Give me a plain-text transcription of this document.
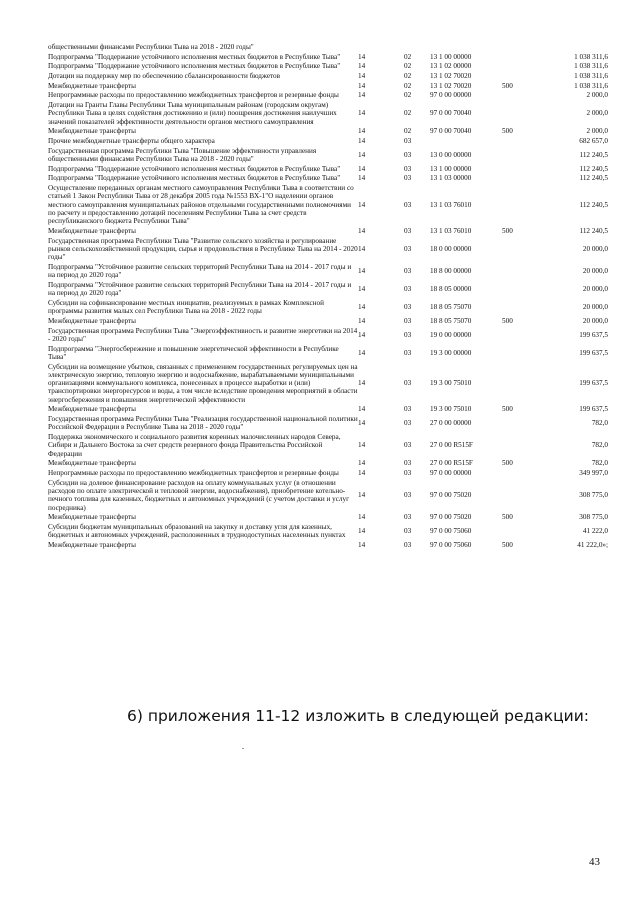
общественными финансами Республики Тыва на 2018 - 2020 годы"					
Подпрограмма "Поддержание устойчивого исполнения местных бюджетов в Республике Тыва"	14	02	13 1 00 00000		1 038 311,6
Подпрограмма "Поддержание устойчивого исполнения местных бюджетов в Республике Тыва"	14	02	13 1 02 00000		1 038 311,6
Дотации на поддержку мер по обеспечению сбалансированности бюджетов	14	02	13 1 02 70020		1 038 311,6
Межбюджетные трансферты	14	02	13 1 02 70020	500	1 038 311,6
Непрограммные расходы по предоставлению межбюджетных трансфертов и резервные фонды	14	02	97 0 00 00000		2 000,0
Дотации на Гранты Главы Республики Тыва муниципальным районам (городским округам) Республики Тыва в целях содействия достижению и (или) поощрения достижения наилучших значений показателей эффективности деятельности органов местного самоуправления	14	02	97 0 00 70040		2 000,0
Межбюджетные трансферты	14	02	97 0 00 70040	500	2 000,0
Прочие межбюджетные трансферты общего характера	14	03			682 657,0
Государственная программа Республики Тыва "Повышение эффективности управления общественными финансами Республики Тыва на 2018 - 2020 годы"	14	03	13 0 00 00000		112 240,5
Подпрограмма "Поддержание устойчивого исполнения местных бюджетов в Республике Тыва"	14	03	13 1 00 00000		112 240,5
Подпрограмма "Поддержание устойчивого исполнения местных бюджетов в Республике Тыва"	14	03	13 1 03 00000		112 240,5
Осуществление переданных органам местного самоуправления Республики Тыва в соответствии со статьей 1 Закон Республики Тыва от 28 декабря 2005 года №1553 ВХ-1"О наделении органов местного самоуправления муниципальных районов отдельными государственными полномочиями по расчету и предоставлению дотаций поселениям Республики Тыва за счет средств республиканского бюджета Республики Тыва"	14	03	13 1 03 76010		112 240,5
Межбюджетные трансферты	14	03	13 1 03 76010	500	112 240,5
Государственная программа Республики Тыва "Развитие сельского хозяйства и регулирование рынков сельскохозяйственной продукции, сырья и продовольствия в Республике Тыва на 2014 - 2020 годы"	14	03	18 0 00 00000		20 000,0
Подпрограмма "Устойчивое развитие сельских территорий Республики Тыва на 2014 - 2017 годы и на период до 2020 года"	14	03	18 8 00 00000		20 000,0
Подпрограмма "Устойчивое развитие сельских территорий Республики Тыва на 2014 - 2017 годы и на период до 2020 года"	14	03	18 8 05 00000		20 000,0
Субсидии на софинансирование местных инициатив, реализуемых в рамках Комплексной программы развития малых сел Республики Тыва на 2018 - 2022 годы	14	03	18 8 05 75070		20 000,0
Межбюджетные трансферты	14	03	18 8 05 75070	500	20 000,0
Государственная программа Республики Тыва "Энергоэффективность и развитие энергетики на 2014 - 2020 годы"	14	03	19 0 00 00000		199 637,5
Подпрограмма "Энергосбережение и повышение энергетической эффективности в Республике Тыва"	14	03	19 3 00 00000		199 637,5
Субсидии на возмещение убытков, связанных с применением государственных регулируемых цен на электрическую энергию, тепловую энергию и водоснабжение, вырабатываемыми муниципальными организациями коммунального комплекса, понесенных в процессе выработки и (или) транспортировки энергоресурсов и воды, а том числе вследствие проведения мероприятий в области энергосбережения и повышения энергетической эффективности	14	03	19 3 00 75010		199 637,5
Межбюджетные трансферты	14	03	19 3 00 75010	500	199 637,5
Государственная программа Республики Тыва "Реализация государственной национальной политики Российской Федерации в Республике Тыва на 2018 - 2020 годы"	14	03	27 0 00 00000		782,0
Поддержка экономического и социального развития коренных малочисленных народов Севера, Сибири и Дальнего Востока за счет средств резервного фонда Правительства Российской Федерации	14	03	27 0 00 R515F		782,0
Межбюджетные трансферты	14	03	27 0 00 R515F	500	782,0
Непрограммные расходы по предоставлению межбюджетных трансфертов и резервные фонды	14	03	97 0 00 00000		349 997,0
Субсидии на долевое финансирование расходов на оплату коммунальных услуг (в отношении расходов по оплате электрической и тепловой энергии, водоснабжения), приобретение котельно-печного топлива для казенных, бюджетных и автономных учреждений (с учетом доставки и услуг посредника)	14	03	97 0 00 75020		308 775,0
Межбюджетные трансферты	14	03	97 0 00 75020	500	308 775,0
Субсидии бюджетам муниципальных образований на закупку и доставку угля для казенных, бюджетных и автономных учреждений, расположенных в труднодоступных населенных пунктах	14	03	97 0 00 75060		41 222,0
Межбюджетные трансферты	14	03	97 0 00 75060	500	41 222,0»;
6) приложения 11-12 изложить в следующей редакции:
43
